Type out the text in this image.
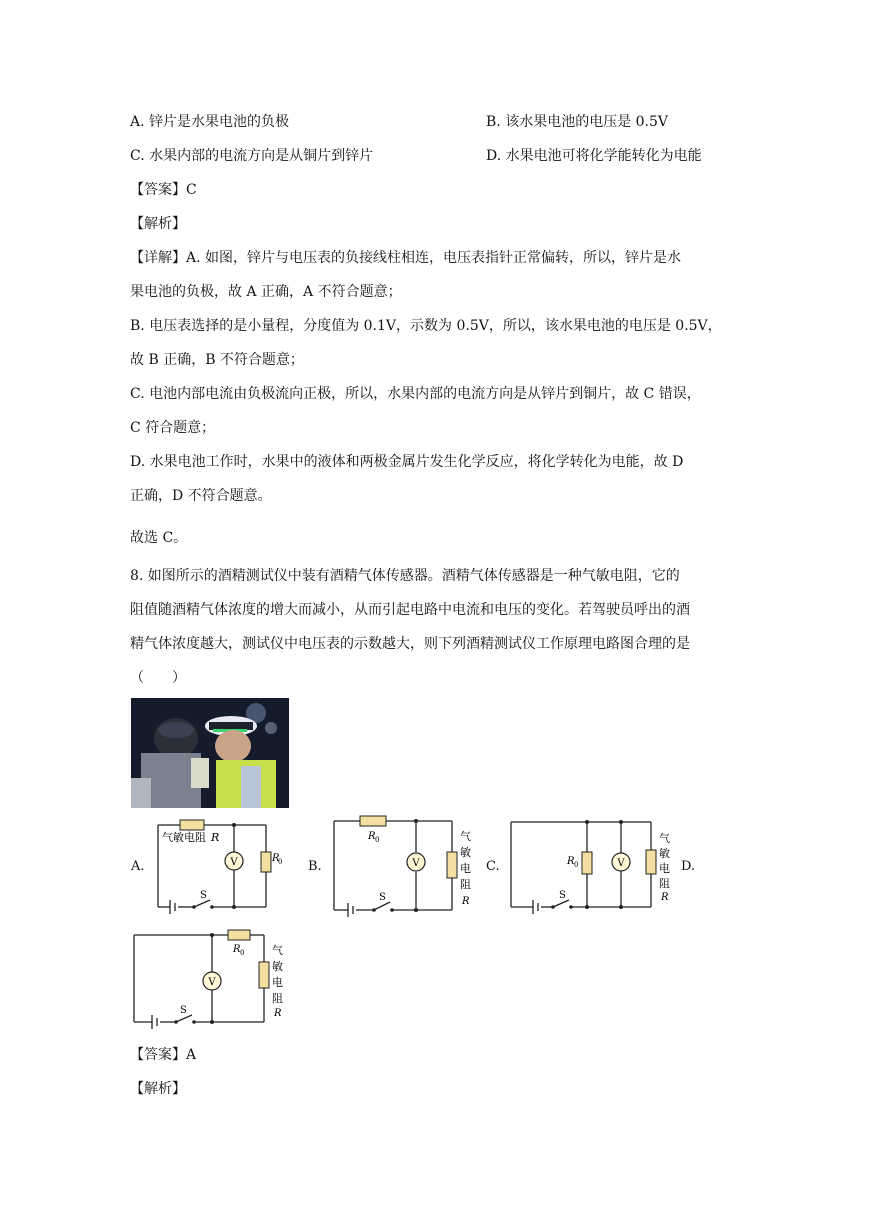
A. 锌片是水果电池的负极	B. 该水果电池的电压是 0.5V
C. 水果内部的电流方向是从铜片到锌片	D. 水果电池可将化学能转化为电能
【答案】C
【解析】
【详解】A. 如图，锌片与电压表的负接线柱相连，电压表指针正常偏转，所以，锌片是水
果电池的负极，故 A 正确，A 不符合题意；
B. 电压表选择的是小量程，分度值为 0.1V，示数为 0.5V，所以，该水果电池的电压是 0.5V，
故 B 正确，B 不符合题意；
C. 电池内部电流由负极流向正极，所以，水果内部的电流方向是从锌片到铜片，故 C 错误，
C 符合题意；
D. 水果电池工作时，水果中的液体和两极金属片发生化学反应，将化学转化为电能，故 D
正确，D 不符合题意。
故选 C。
8. 如图所示的酒精测试仪中装有酒精气体传感器。酒精气体传感器是一种气敏电阻，它的
阻值随酒精气体浓度的增大而减小，从而引起电路中电流和电压的变化。若驾驶员呼出的酒
精气体浓度越大，测试仪中电压表的示数越大，则下列酒精测试仪工作原理电路图合理的是
（　　）
A.	V
气敏电阻 R
R
0
S
B.	V
R 0
S
气
敏
电
阻
R
C.	V
R 0
S
气
敏
电
阻
R
D.
V
R 0
S
气
敏
电
阻
R
【答案】A
【解析】
